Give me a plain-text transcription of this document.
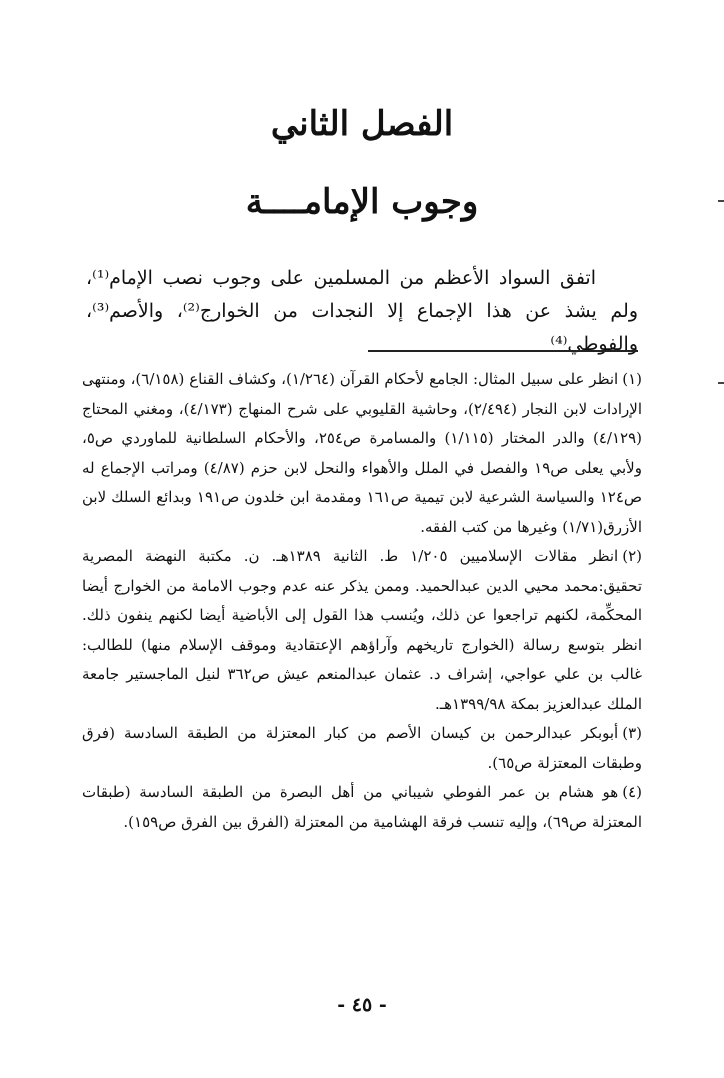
الفصل الثاني
وجوب الإمامــــة

اتفق السواد الأعظم من المسلمين على وجوب نصب الإمام⁽¹⁾، ولم يشذ عن هذا الإجماع إلا النجدات من الخوارج⁽²⁾، والأصم⁽³⁾، والفوطي⁽⁴⁾

(١)انظر على سبيل المثال: الجامع لأحكام القرآن (١/٢٦٤)، وكشاف القناع (٦/١٥٨)، ومنتهى الإرادات لابن النجار (٢/٤٩٤)، وحاشية القليوبي على شرح المنهاج (٤/١٧٣)، ومغني المحتاج (٤/١٢٩) والدر المختار (١/١١٥) والمسامرة ص٢٥٤، والأحكام السلطانية للماوردي ص٥، ولأبي يعلى ص١٩ والفصل في الملل والأهواء والنحل لابن حزم (٤/٨٧) ومراتب الإجماع له ص١٢٤ والسياسة الشرعية لابن تيمية ص١٦١ ومقدمة ابن خلدون ص١٩١ وبدائع السلك لابن الأزرق(١/٧١) وغيرها من كتب الفقه.

(٢)انظر مقالات الإسلاميين ١/٢٠٥ ط. الثانية ١٣٨٩هـ. ن. مكتبة النهضة المصرية تحقيق:محمد محيي الدين عبدالحميد. وممن يذكر عنه عدم وجوب الامامة من الخوارج أيضا المحكِّمة، لكنهم تراجعوا عن ذلك، ويُنسب هذا القول إلى الأباضية أيضا لكنهم ينفون ذلك. انظر بتوسع رسالة (الخوارج تاريخهم وآراؤهم الإعتقادية وموقف الإسلام منها) للطالب: غالب بن علي عواجي، إشراف د. عثمان عبدالمنعم عيش ص٣٦٢ لنيل الماجستير جامعة الملك عبدالعزيز بمكة ١٣٩٩/٩٨هـ.

(٣)أبوبكر عبدالرحمن بن كيسان الأصم من كبار المعتزلة من الطبقة السادسة (فرق وطبقات المعتزلة ص٦٥).

(٤)هو هشام بن عمر الفوطي شيباني من أهل البصرة من الطبقة السادسة (طبقات المعتزلة ص٦٩)، وإليه تنسب فرقة الهشامية من المعتزلة (الفرق بين الفرق ص١٥٩).

- ٤٥ -
